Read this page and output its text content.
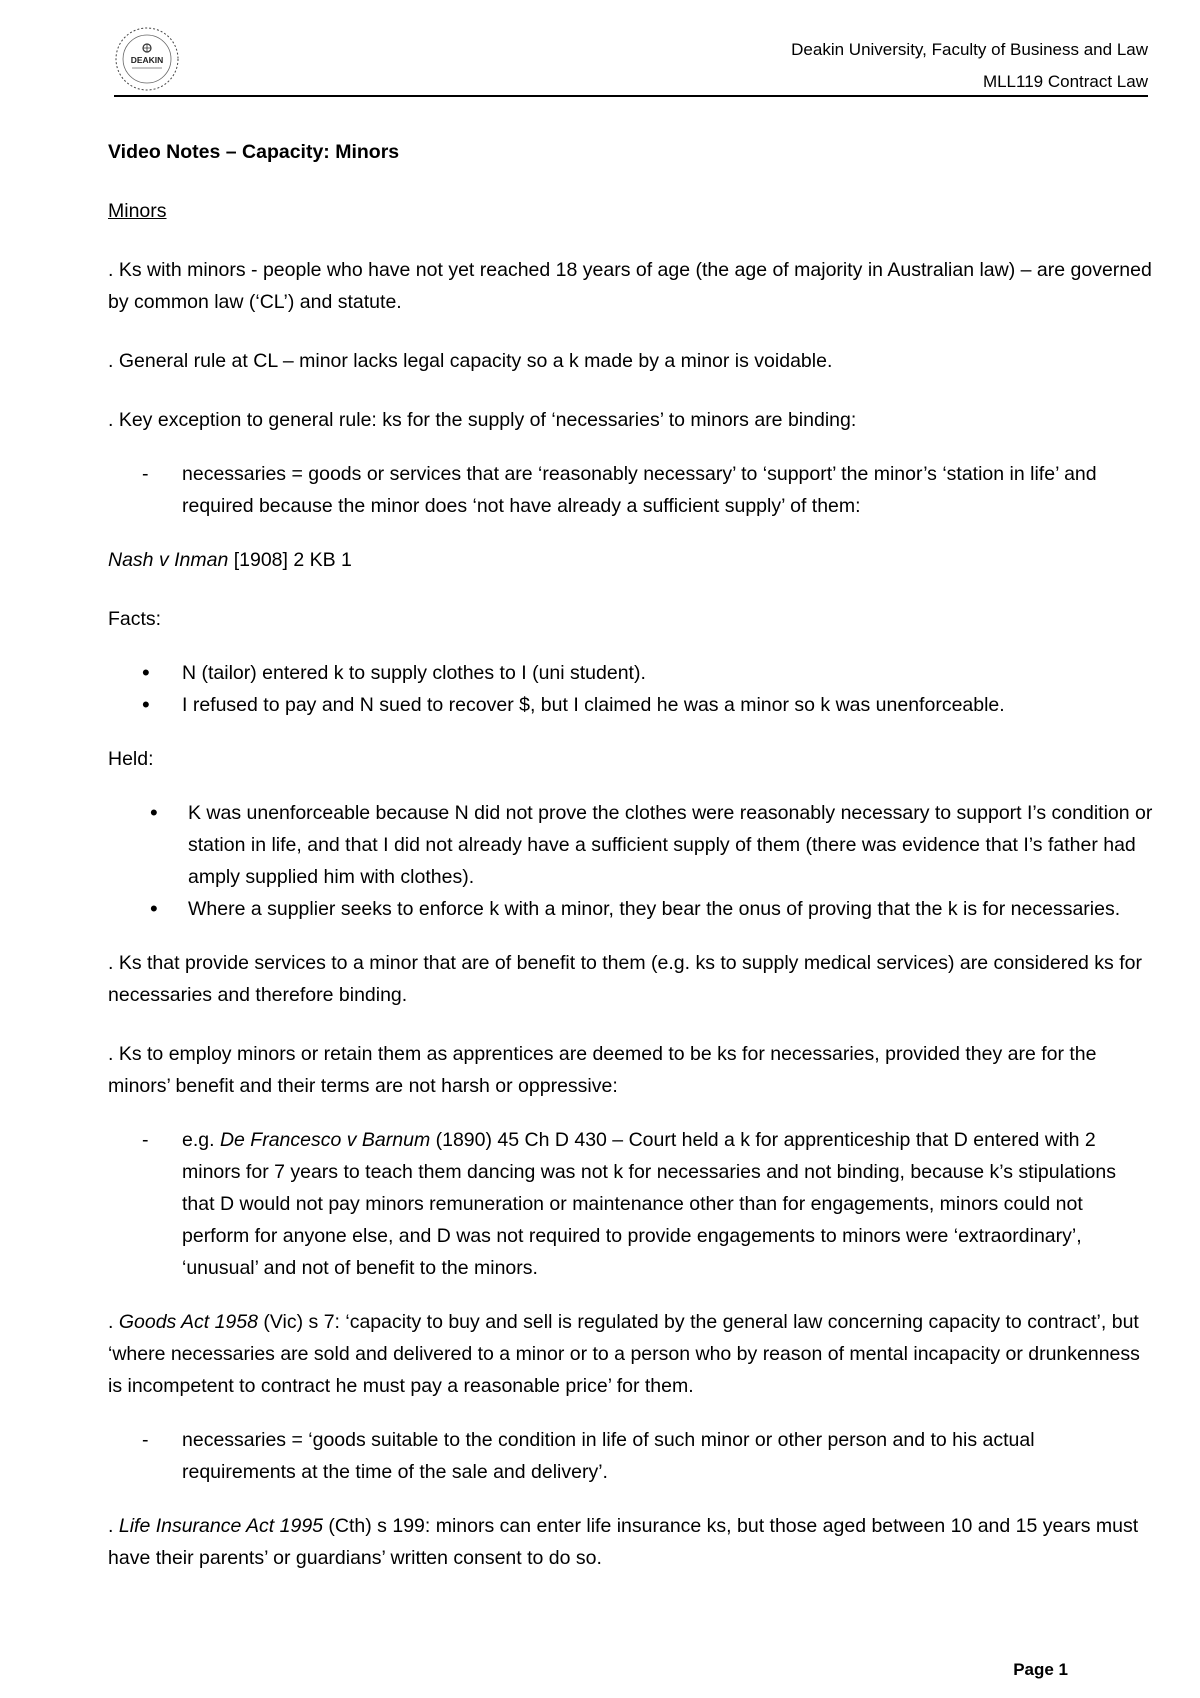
DEAKIN
Deakin University, Faculty of Business and Law
MLL119 Contract Law

Video Notes – Capacity: Minors

Minors

. Ks with minors - people who have not yet reached 18 years of age (the age of majority in Australian law) – are governed by common law (‘CL’) and statute.

. General rule at CL – minor lacks legal capacity so a k made by a minor is voidable.

. Key exception to general rule: ks for the supply of ‘necessaries’ to minors are binding:

- necessaries = goods or services that are ‘reasonably necessary’ to ‘support’ the minor’s ‘station in life’ and required because the minor does ‘not have already a sufficient supply’ of them:

Nash v Inman [1908] 2 KB 1

Facts:

• N (tailor) entered k to supply clothes to I (uni student).
• I refused to pay and N sued to recover $, but I claimed he was a minor so k was unenforceable.

Held:

• K was unenforceable because N did not prove the clothes were reasonably necessary to support I’s condition or station in life, and that I did not already have a sufficient supply of them (there was evidence that I’s father had amply supplied him with clothes).
• Where a supplier seeks to enforce k with a minor, they bear the onus of proving that the k is for necessaries.

. Ks that provide services to a minor that are of benefit to them (e.g. ks to supply medical services) are considered ks for necessaries and therefore binding.

. Ks to employ minors or retain them as apprentices are deemed to be ks for necessaries, provided they are for the minors’ benefit and their terms are not harsh or oppressive:

- e.g. De Francesco v Barnum (1890) 45 Ch D 430 – Court held a k for apprenticeship that D entered with 2 minors for 7 years to teach them dancing was not k for necessaries and not binding, because k’s stipulations that D would not pay minors remuneration or maintenance other than for engagements, minors could not perform for anyone else, and D was not required to provide engagements to minors were ‘extraordinary’, ‘unusual’ and not of benefit to the minors.

. Goods Act 1958 (Vic) s 7: ‘capacity to buy and sell is regulated by the general law concerning capacity to contract’, but ‘where necessaries are sold and delivered to a minor or to a person who by reason of mental incapacity or drunkenness is incompetent to contract he must pay a reasonable price’ for them.

- necessaries = ‘goods suitable to the condition in life of such minor or other person and to his actual requirements at the time of the sale and delivery’.

. Life Insurance Act 1995 (Cth) s 199: minors can enter life insurance ks, but those aged between 10 and 15 years must have their parents’ or guardians’ written consent to do so.

Page 1
